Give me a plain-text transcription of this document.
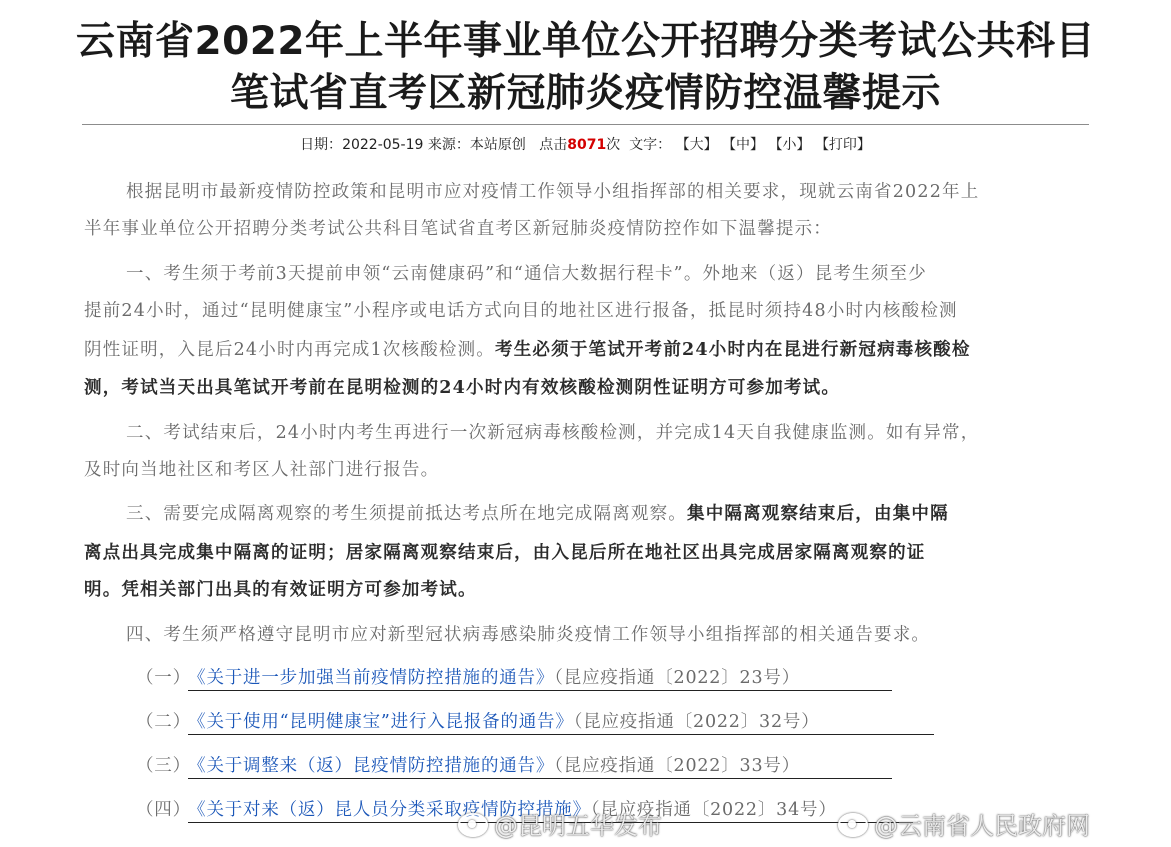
云南省2022年上半年事业单位公开招聘分类考试公共科目
笔试省直考区新冠肺炎疫情防控温馨提示
日期：2022-05-19 来源：本站原创 点击8071次 文字： 【大】 【中】 【小】 【打印】
根据昆明市最新疫情防控政策和昆明市应对疫情工作领导小组指挥部的相关要求，现就云南省2022年上
半年事业单位公开招聘分类考试公共科目笔试省直考区新冠肺炎疫情防控作如下温馨提示：
一、考生须于考前3天提前申领“云南健康码”和“通信大数据行程卡”。外地来（返）昆考生须至少
提前24小时，通过“昆明健康宝”小程序或电话方式向目的地社区进行报备，抵昆时须持48小时内核酸检测
阴性证明，入昆后24小时内再完成1次核酸检测。考生必须于笔试开考前24小时内在昆进行新冠病毒核酸检
测，考试当天出具笔试开考前在昆明检测的24小时内有效核酸检测阴性证明方可参加考试。
二、考试结束后，24小时内考生再进行一次新冠病毒核酸检测，并完成14天自我健康监测。如有异常，
及时向当地社区和考区人社部门进行报告。
三、需要完成隔离观察的考生须提前抵达考点所在地完成隔离观察。集中隔离观察结束后，由集中隔
离点出具完成集中隔离的证明；居家隔离观察结束后，由入昆后所在地社区出具完成居家隔离观察的证
明。凭相关部门出具的有效证明方可参加考试。
四、考生须严格遵守昆明市应对新型冠状病毒感染肺炎疫情工作领导小组指挥部的相关通告要求。
（一） 《关于进一步加强当前疫情防控措施的通告》（昆应疫指通〔2022〕23号）
（二） 《关于使用“昆明健康宝”进行入昆报备的通告》（昆应疫指通〔2022〕32号）
（三） 《关于调整来（返）昆疫情防控措施的通告》（昆应疫指通〔2022〕33号）
（四） 《关于对来（返）昆人员分类采取疫情防控措施》（昆应疫指通〔2022〕34号）
@昆明五华发布	@云南省人民政府网
